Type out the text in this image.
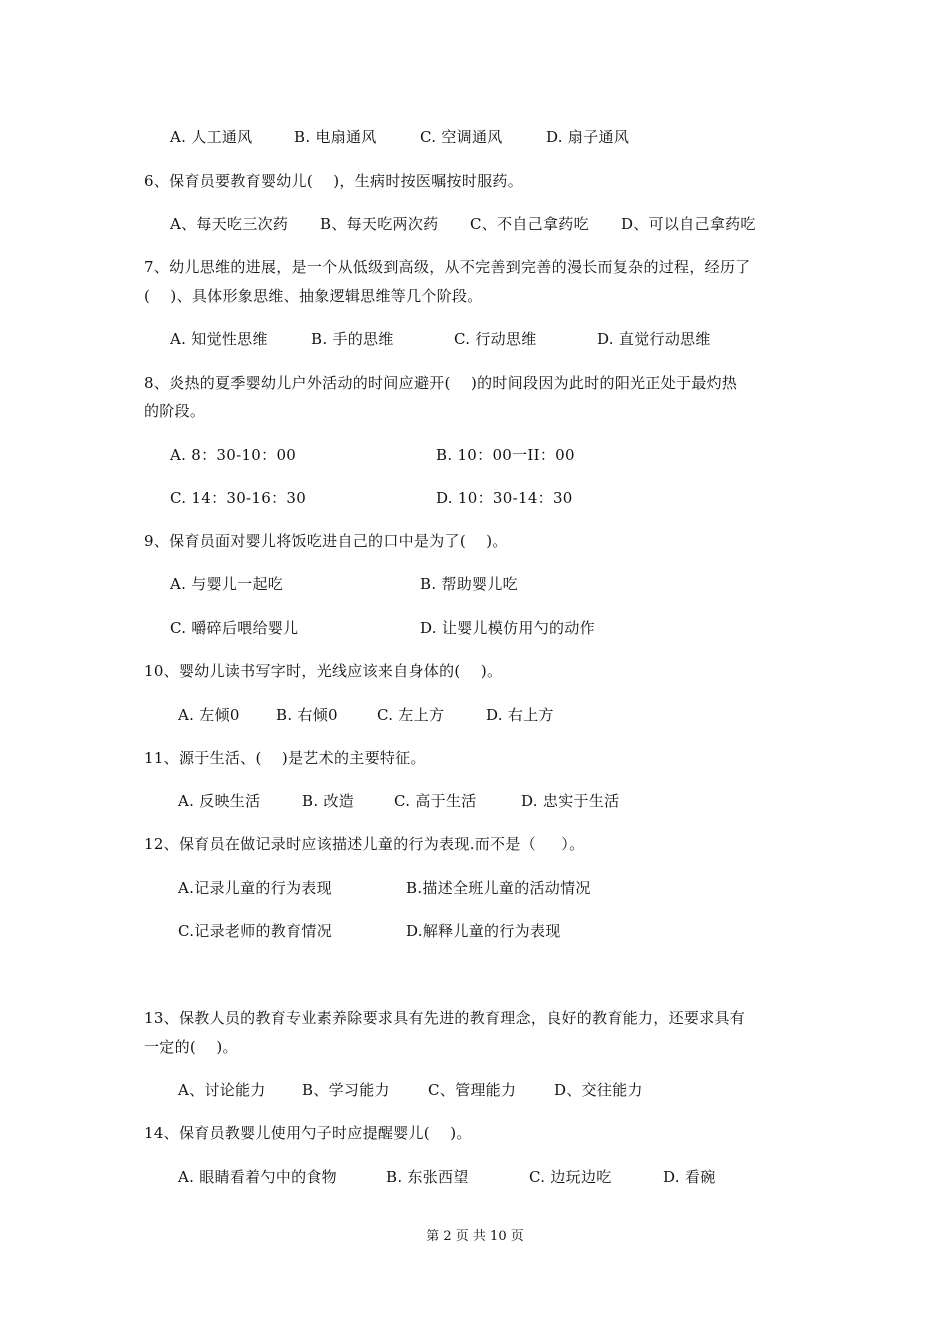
A. 人工通风	B. 电扇通风	C. 空调通风	D. 扇子通风
6、保育员要教育婴幼儿(    )，生病时按医嘱按时服药。
A、每天吃三次药 B、每天吃两次药 C、不自己拿药吃 D、可以自己拿药吃
7、幼儿思维的进展，是一个从低级到高级，从不完善到完善的漫长而复杂的过程，经历了
(    )、具体形象思维、抽象逻辑思维等几个阶段。
A. 知觉性思维	B. 手的思维	C. 行动思维	D. 直觉行动思维
8、炎热的夏季婴幼儿户外活动的时间应避开(    )的时间段因为此时的阳光正处于最灼热
的阶段。
A. 8：30-10：00	B. 10：00一II：00
C. 14：30-16：30	D. 10：30-14：30
9、保育员面对婴儿将饭吃进自己的口中是为了(    )。
A. 与婴儿一起吃	B. 帮助婴儿吃
C. 嚼碎后喂给婴儿	D. 让婴儿模仿用勺的动作
10、婴幼儿读书写字时，光线应该来自身体的(    )。
A. 左倾0 B. 右倾0	C. 左上方	D. 右上方
11、源于生活、(    )是艺术的主要特征。
A. 反映生活	B. 改造	C. 高于生活	D. 忠实于生活
12、保育员在做记录时应该描述儿童的行为表现.而不是（     ）。
A.记录儿童的行为表现	B.描述全班儿童的活动情况
C.记录老师的教育情况	D.解释儿童的行为表现
13、保教人员的教育专业素养除要求具有先进的教育理念，良好的教育能力，还要求具有
一定的(    )。
A、讨论能力 B、学习能力	C、管理能力	D、交往能力
14、保育员教婴儿使用勺子时应提醒婴儿(    )。
A. 眼睛看着勺中的食物	B. 东张西望	C. 边玩边吃	D. 看碗
第 2 页 共 10 页
